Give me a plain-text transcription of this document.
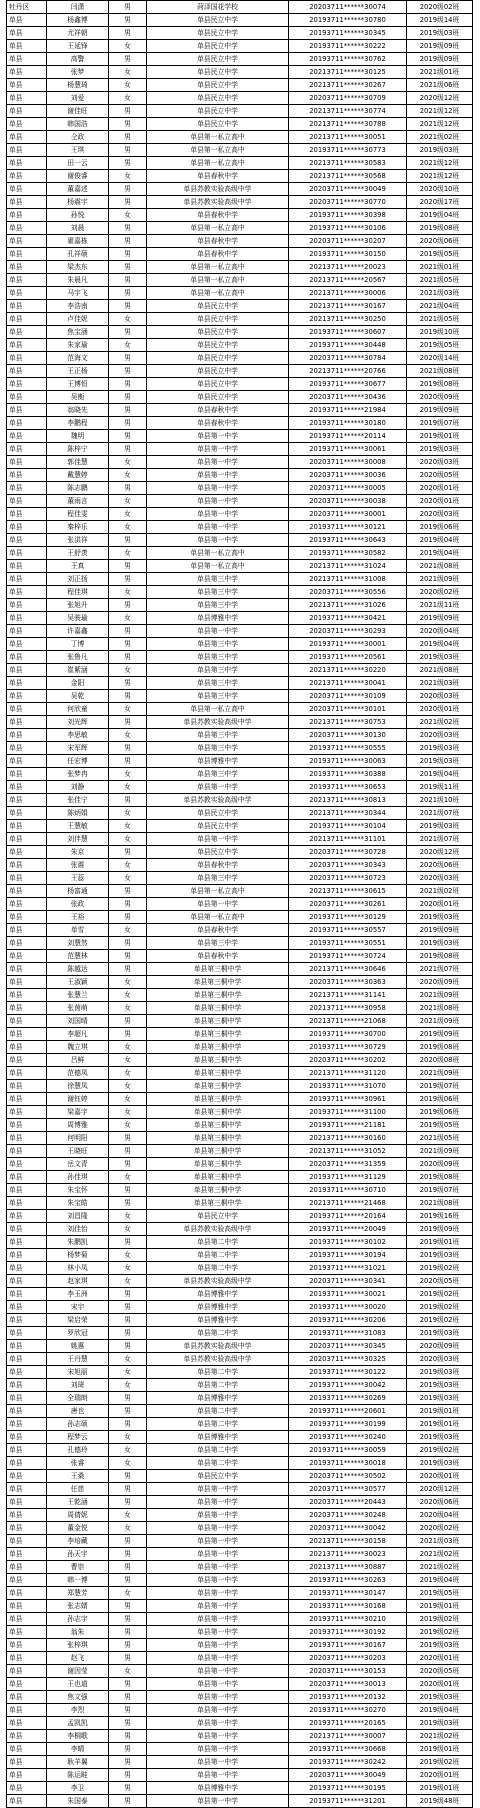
牡丹区	闫潇	男	菏泽国花学校	20203711******30074	2020级02班
单县	杨鑫博	男	单县民立中学	20193711******30780	2019级14班
单县	尤祥朝	男	单县民立中学	20193711******30345	2019级03班
单县	王延锋	女	单县民立中学	20193711******30222	2019级09班
单县	高警	男	单县民立中学	20193711******30762	2019级09班
单县	张梦	女	单县民立中学	20213711******30125	2021级01班
单县	杨慧琦	女	单县民立中学	20213711******30267	2021级06班
单县	刘爱	女	单县民立中学	20203711******30709	2020级12班
单县	谢佳旺	男	单县民立中学	20213711******30774	2021级12班
单县	韩国浩	男	单县民立中学	20213711******30788	2021级12班
单县	仝政	男	单县第一私立高中	20213711******30051	2021级02班
单县	王琪	男	单县第一私立高中	20193711******30773	2019级03班
单县	田一云	男	单县第一私立高中	20213711******30583	2021级12班
单县	谢俊睿	女	单县春秋中学	20213711******30568	2021级12班
单县	董嘉述	男	单县苏教实验高级中学	20203711******30049	2020级10班
单县	杨震宇	男	单县苏教实验高级中学	20203711******30770	2020级17班
单县	孙悦	女	单县春秋中学	20193711******30398	2019级04班
单县	刘晨	男	单县第一私立高中	20193711******30106	2019级08班
单县	翟嘉栋	男	单县春秋中学	20203711******30207	2020级06班
单县	孔祥硕	男	单县春秋中学	20193711******30150	2019级05班
单县	梁杰东	男	单县第一私立高中	20213711******20023	2021级01班
单县	朱晨凡	男	单县第一私立高中	20213711******20567	2021级05班
单县	马宇飞	男	单县第一私立高中	20213711******30006	2021级03班
单县	李浩南	男	单县民立中学	20213711******30167	2021级04班
单县	卢佳妮	女	单县民立中学	20213711******30250	2021级05班
单县	焦宝涵	男	单县民立中学	20193711******30607	2019级10班
单县	朱家瑜	女	单县民立中学	20193711******30448	2019级05班
单县	范海文	男	单县民立中学	20203711******30784	2020级14班
单县	王正杨	男	单县民立中学	20213711******20766	2021级08班
单县	王博恒	男	单县民立中学	20193711******30677	2019级08班
单县	吴衡	男	单县民立中学	20203711******30436	2020级09班
单县	翁晓先	男	单县春秋中学	20193711******21984	2019级09班
单县	李鹏程	男	单县春秋中学	20193711******30180	2019级07班
单县	魏明	男	单县第一中学	20193711******20114	2019级01班
单县	陈梓宁	男	单县第一中学	20193711******30061	2019级03班
单县	郭佳慧	女	单县第一中学	20203711******30008	2020级03班
单县	戴慧婷	女	单县第一中学	20203711******30036	2020级05班
单县	陈志鹏	男	单县第一中学	20203711******30005	2020级01班
单县	董雨言	女	单县第一中学	20203711******30038	2020级01班
单县	程佳雯	女	单县第一中学	20203711******30001	2020级03班
单县	秦梓乐	女	单县第一中学	20193711******30121	2019级06班
单县	张洪祥	男	单县第一中学	20193711******30643	2019级04班
单县	王舒羡	女	单县第一私立高中	20193711******30582	2019级04班
单县	王真	男	单县第一私立高中	20213711******31024	2021级08班
单县	刘正扬	男	单县第三中学	20213711******31008	2021级09班
单县	程佳琪	女	单县第三中学	20203711******30556	2020级02班
单县	张旭升	男	单县第三中学	20213711******31026	2021级11班
单县	吴骏瑜	女	单县博雅中学	20193711******30421	2019级09班
单县	许嘉鑫	男	单县第一中学	20203711******30293	2020级04班
单县	丁博	男	单县第三中学	20193711******30001	2019级04班
单县	张鲁凡	男	单县第三中学	20193711******20561	2019级03班
单县	崔紫涵	女	单县第三中学	20213711******30220	2021级08班
单县	金阳	男	单县第三中学	20213711******30041	2021级03班
单县	吴乾	男	单县第三中学	20203711******30109	2020级03班
单县	何欣童	女	单县第一私立高中	20203711******30101	2020级01班
单县	刘光辉	男	单县苏教实验高级中学	20213711******30753	2021级02班
单县	李思敏	女	单县第三中学	20203711******30130	2020级03班
单县	宋军辉	男	单县第三中学	20193711******30555	2019级03班
单县	任宏博	男	单县博雅中学	20193711******30063	2019级03班
单县	张梦冉	女	单县第三中学	20193711******30388	2019级04班
单县	刘静	女	单县第一中学	20193711******30653	2019级11班
单县	张佳宁	男	单县苏教实验高级中学	20213711******30813	2021级10班
单县	陈炳娟	女	单县民立中学	20213711******30344	2021级07班
单县	王慧敏	女	单县民立中学	20193711******30104	2019级03班
单县	刘伴慧	女	单县第一中学	20213711******31101	2021级07班
单县	朱京	男	单县民立中学	20203711******30728	2020级12班
单县	张震	女	单县春秋中学	20203711******30343	2020级06班
单县	王蕊	女	单县第三中学	20203711******30723	2020级03班
单县	杨富通	男	单县第一私立高中	20213711******30615	2021级02班
单县	张政	男	单县第一中学	20203711******30261	2020级01班
单县	王裕	男	单县第一私立高中	20193711******30129	2019级03班
单县	单雪	女	单县春秋中学	20193711******30557	2019级09班
单县	刘慧然	男	单县第三中学	20193711******30551	2019级03班
单县	范慧林	男	单县春秋中学	20193711******30724	2019级08班
单县	陈越达	男	单县第三桐中学	20213711******30646	2021级07班
单县	王淑颖	女	单县第三桐中学	20203711******30363	2020级09班
单县	张慧兰	女	单县第三桐中学	20213711******31141	2021级09班
单县	张茵萌	女	单县第三桐中学	20213711******30958	2021级08班
单县	刘国晴	男	单县第三桐中学	20213711******21068	2021级09班
单县	李超凡	男	单县第三桐中学	20193711******30700	2019级09班
单县	魏立琪	女	单县第三桐中学	20193711******30729	2019级08班
单县	吕鲜	女	单县第三桐中学	20203711******30202	2020级08班
单县	范德凤	女	单县第三桐中学	20213711******31120	2021级09班
单县	徐慧凤	女	单县第三桐中学	20193711******31070	2019级07班
单县	谢钰婷	女	单县第三桐中学	20193711******30961	2019级06班
单县	梁嘉宇	女	单县第三桐中学	20193711******31100	2019级06班
单县	周博雅	女	单县第三桐中学	20193711******21181	2019级05班
单县	何明阳	男	单县第三桐中学	20213711******30160	2021级05班
单县	王晓旺	男	单县第三桐中学	20213711******31052	2021级09班
单县	岳文青	男	单县第三桐中学	20203711******31359	2020级09班
单县	孙佳琪	女	单县第三桐中学	20193711******31129	2019级08班
单县	朱宝怀	男	单县第三桐中学	20193711******30710	2019级07班
单县	朱宝皓	男	单县第三桐中学	20213711******21468	2021级08班
单县	刘昌隆	女	单县民立中学	20193711******20164	2019级16班
单县	刘佳怡	女	单县苏教实验高级中学	20193711******20049	2019级09班
单县	朱鹏凯	男	单县第二中学	20193711******30102	2019级01班
单县	杨梦菊	女	单县第二中学	20193711******30194	2019级03班
单县	林小凤	女	单县第二中学	20193711******31021	2019级02班
单县	赵家琪	女	单县苏教实验高级中学	20203711******30341	2020级05班
单县	李玉洲	男	单县博雅中学	20193711******30021	2019级02班
单县	宋宇	男	单县博雅中学	20193711******30020	2019级02班
单县	梁启荣	男	单县博雅中学	20193711******30206	2019级02班
单县	罗欣冠	男	单县第二中学	20193711******31083	2019级03班
单县	姚惠	男	单县苏教实验高级中学	20203711******30345	2020级09班
单县	王丹慧	女	单县苏教实验高级中学	20203711******30325	2020级03班
单县	宋旭丽	女	单县第二中学	20193711******30122	2019级03班
单县	刘琦	女	单县第二中学	20193711******30042	2019级03班
单县	全瑞朗	男	单县博雅中学	20193711******30269	2019级03班
单县	唐也	男	单县第二中学	20193711******20601	2019级01班
单县	孙志硕	男	单县第二中学	20193711******30199	2019级01班
单县	程梦云	女	单县博雅中学	20193711******30240	2019级03班
单县	孔德玲	女	单县第二中学	20193711******30059	2019级02班
单县	张睿	女	单县第二中学	20193711******30018	2019级03班
单县	王桑	男	单县民立中学	20203711******30502	2020级01班
单县	任慈	男	单县第一中学	20203711******30577	2020级12班
单县	王乾涵	男	单县第一中学	20203711******20443	2020级06班
单县	周倩妮	女	单县第一中学	20203711******30248	2020级04班
单县	董金悦	女	单县第一中学	20203711******30042	2020级02班
单县	李培藏	男	单县第一中学	20213711******30158	2021级03班
单县	孙天宇	男	单县第一中学	20213711******30023	2021级02班
单县	曹崇	男	单县第一中学	20213711******30887	2021级02班
单县	韩一博	男	单县第一中学	20193711******30263	2019级04班
单县	郑慧芳	女	单县第一中学	20193711******30147	2019级05班
单县	张志婿	男	单县第一中学	20193711******30168	2019级01班
单县	孙志宇	男	单县第一中学	20193711******30210	2019级02班
单县	翁朱	男	单县第一中学	20193711******30192	2019级02班
单县	张梓琪	男	单县第一中学	20193711******30167	2019级03班
单县	赵飞	男	单县第一中学	20203711******30203	2020级01班
单县	谢因莹	女	单县第一中学	20203711******30153	2020级05班
单县	王也道	男	单县第一中学	20203711******30013	2020级01班
单县	焦文强	男	单县第一中学	20193711******20132	2019级03班
单县	李烈	男	单县第一中学	20193711******30270	2019级04班
单县	孟凯凯	男	单县第一中学	20193711******20165	2019级03班
单县	李桐歌	男	单县第一中学	20213711******30007	2021级02班
单县	李晴	男	单县第一中学	20193711******30668	2019级01班
单县	耿羊翼	男	单县第一中学	20193711******30242	2019级02班
单县	陈运畦	男	单县第一中学	20203711******30049	2020级01班
单县	李卫	男	单县博雅中学	20193711******30195	2019级01班
单县	朱国泰	男	单县第一中学	20193711******31201	2019级48班
